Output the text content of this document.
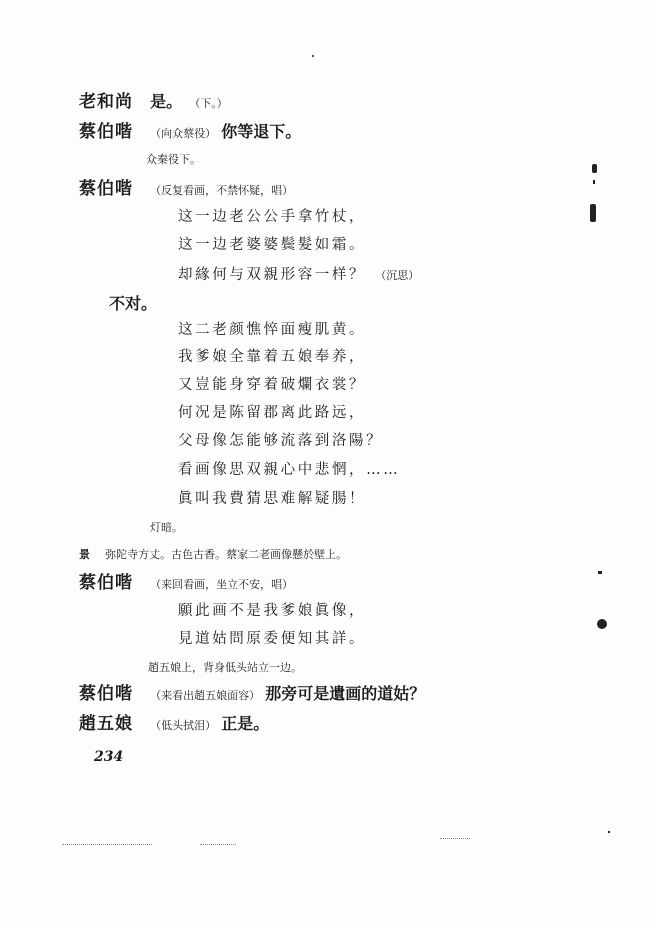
老和尚 是。 （下。）
蔡伯喈 （向众蔡役） 你等退下。
众秦役下。
蔡伯喈 （反复看画，不禁怀疑，唱）
这一边老公公手拿竹杖，
这一边老婆婆鬓髮如霜。
却緣何与双親形容一样？ （沉思）
不对。
这二老颜憔悴面瘦肌黄。
我爹娘全靠着五娘奉养，
又豈能身穿着破爛衣裳？
何况是陈留郡离此路远，
父母像怎能够流落到洛陽？
看画像思双親心中悲惘，……
眞叫我費猜思难解疑腸！
灯暗。
景 弥陀寺方丈。古色古香。蔡家二老画像懸於壁上。
蔡伯喈 （来回看画，坐立不安，唱）
願此画不是我爹娘眞像，
見道姑問原委便知其詳。
趙五娘上，背身低头站立一边。
蔡伯喈 （来看出趙五娘面容） 那旁可是遺画的道姑？
趙五娘 （低头拭泪） 正是。
234
